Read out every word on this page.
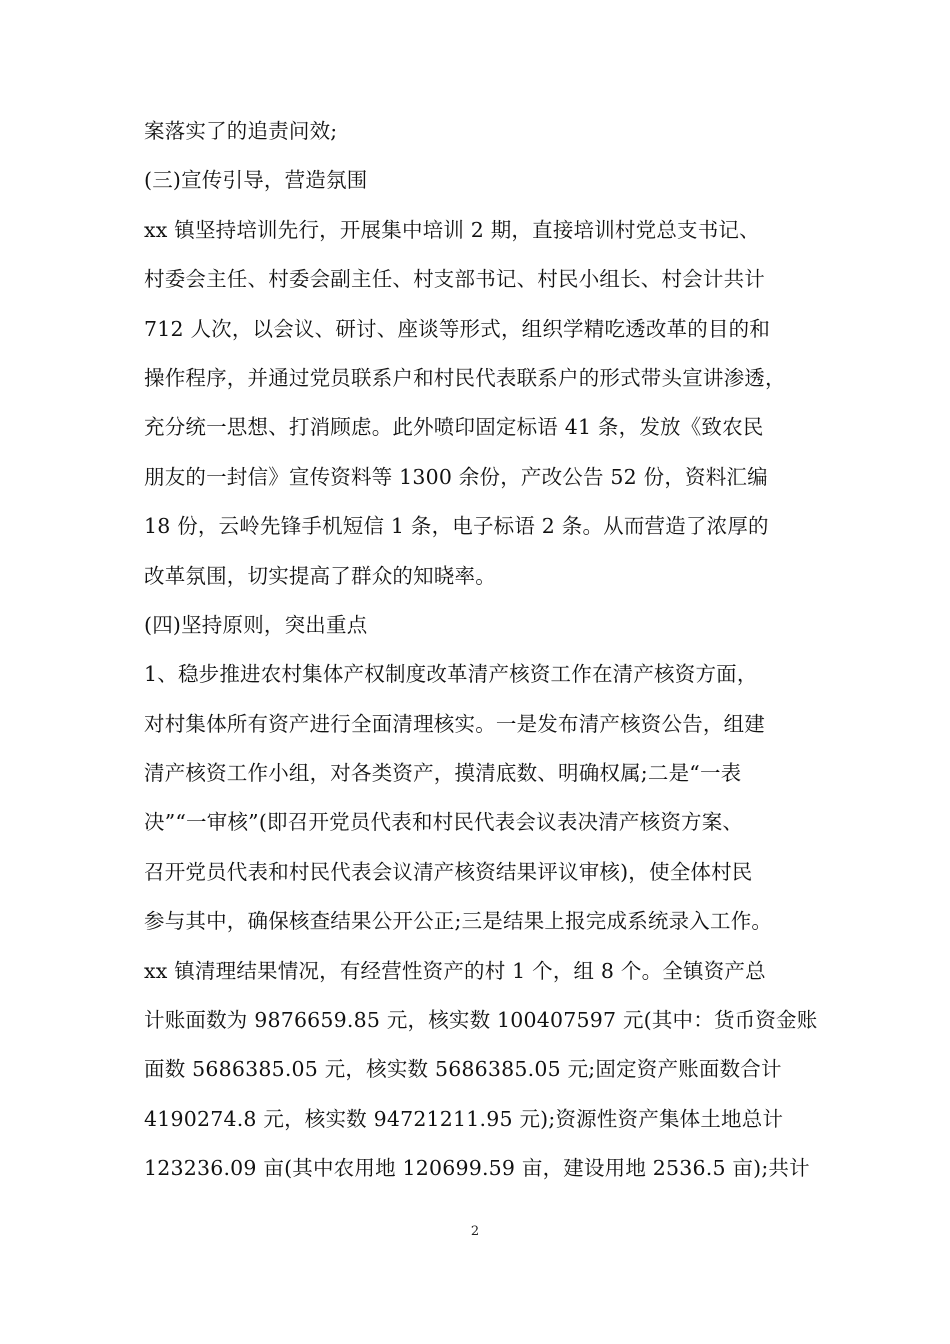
案落实了的追责问效;
(三)宣传引导，营造氛围
xx 镇坚持培训先行，开展集中培训 2 期，直接培训村党总支书记、
村委会主任、村委会副主任、村支部书记、村民小组长、村会计共计
712 人次，以会议、研讨、座谈等形式，组织学精吃透改革的目的和
操作程序，并通过党员联系户和村民代表联系户的形式带头宣讲渗透，
充分统一思想、打消顾虑。此外喷印固定标语 41 条，发放《致农民
朋友的一封信》宣传资料等 1300 余份，产改公告 52 份，资料汇编
18 份，云岭先锋手机短信 1 条，电子标语 2 条。从而营造了浓厚的
改革氛围，切实提高了群众的知晓率。
(四)坚持原则，突出重点
1、稳步推进农村集体产权制度改革清产核资工作在清产核资方面，
对村集体所有资产进行全面清理核实。一是发布清产核资公告，组建
清产核资工作小组，对各类资产，摸清底数、明确权属;二是“一表
决”“一审核”(即召开党员代表和村民代表会议表决清产核资方案、
召开党员代表和村民代表会议清产核资结果评议审核)，使全体村民
参与其中，确保核查结果公开公正;三是结果上报完成系统录入工作。
xx 镇清理结果情况，有经营性资产的村 1 个，组 8 个。全镇资产总
计账面数为 9876659.85 元，核实数 100407597 元(其中：货币资金账
面数 5686385.05 元，核实数 5686385.05 元;固定资产账面数合计
4190274.8 元，核实数 94721211.95 元);资源性资产集体土地总计
123236.09 亩(其中农用地 120699.59 亩，建设用地 2536.5 亩);共计
2
